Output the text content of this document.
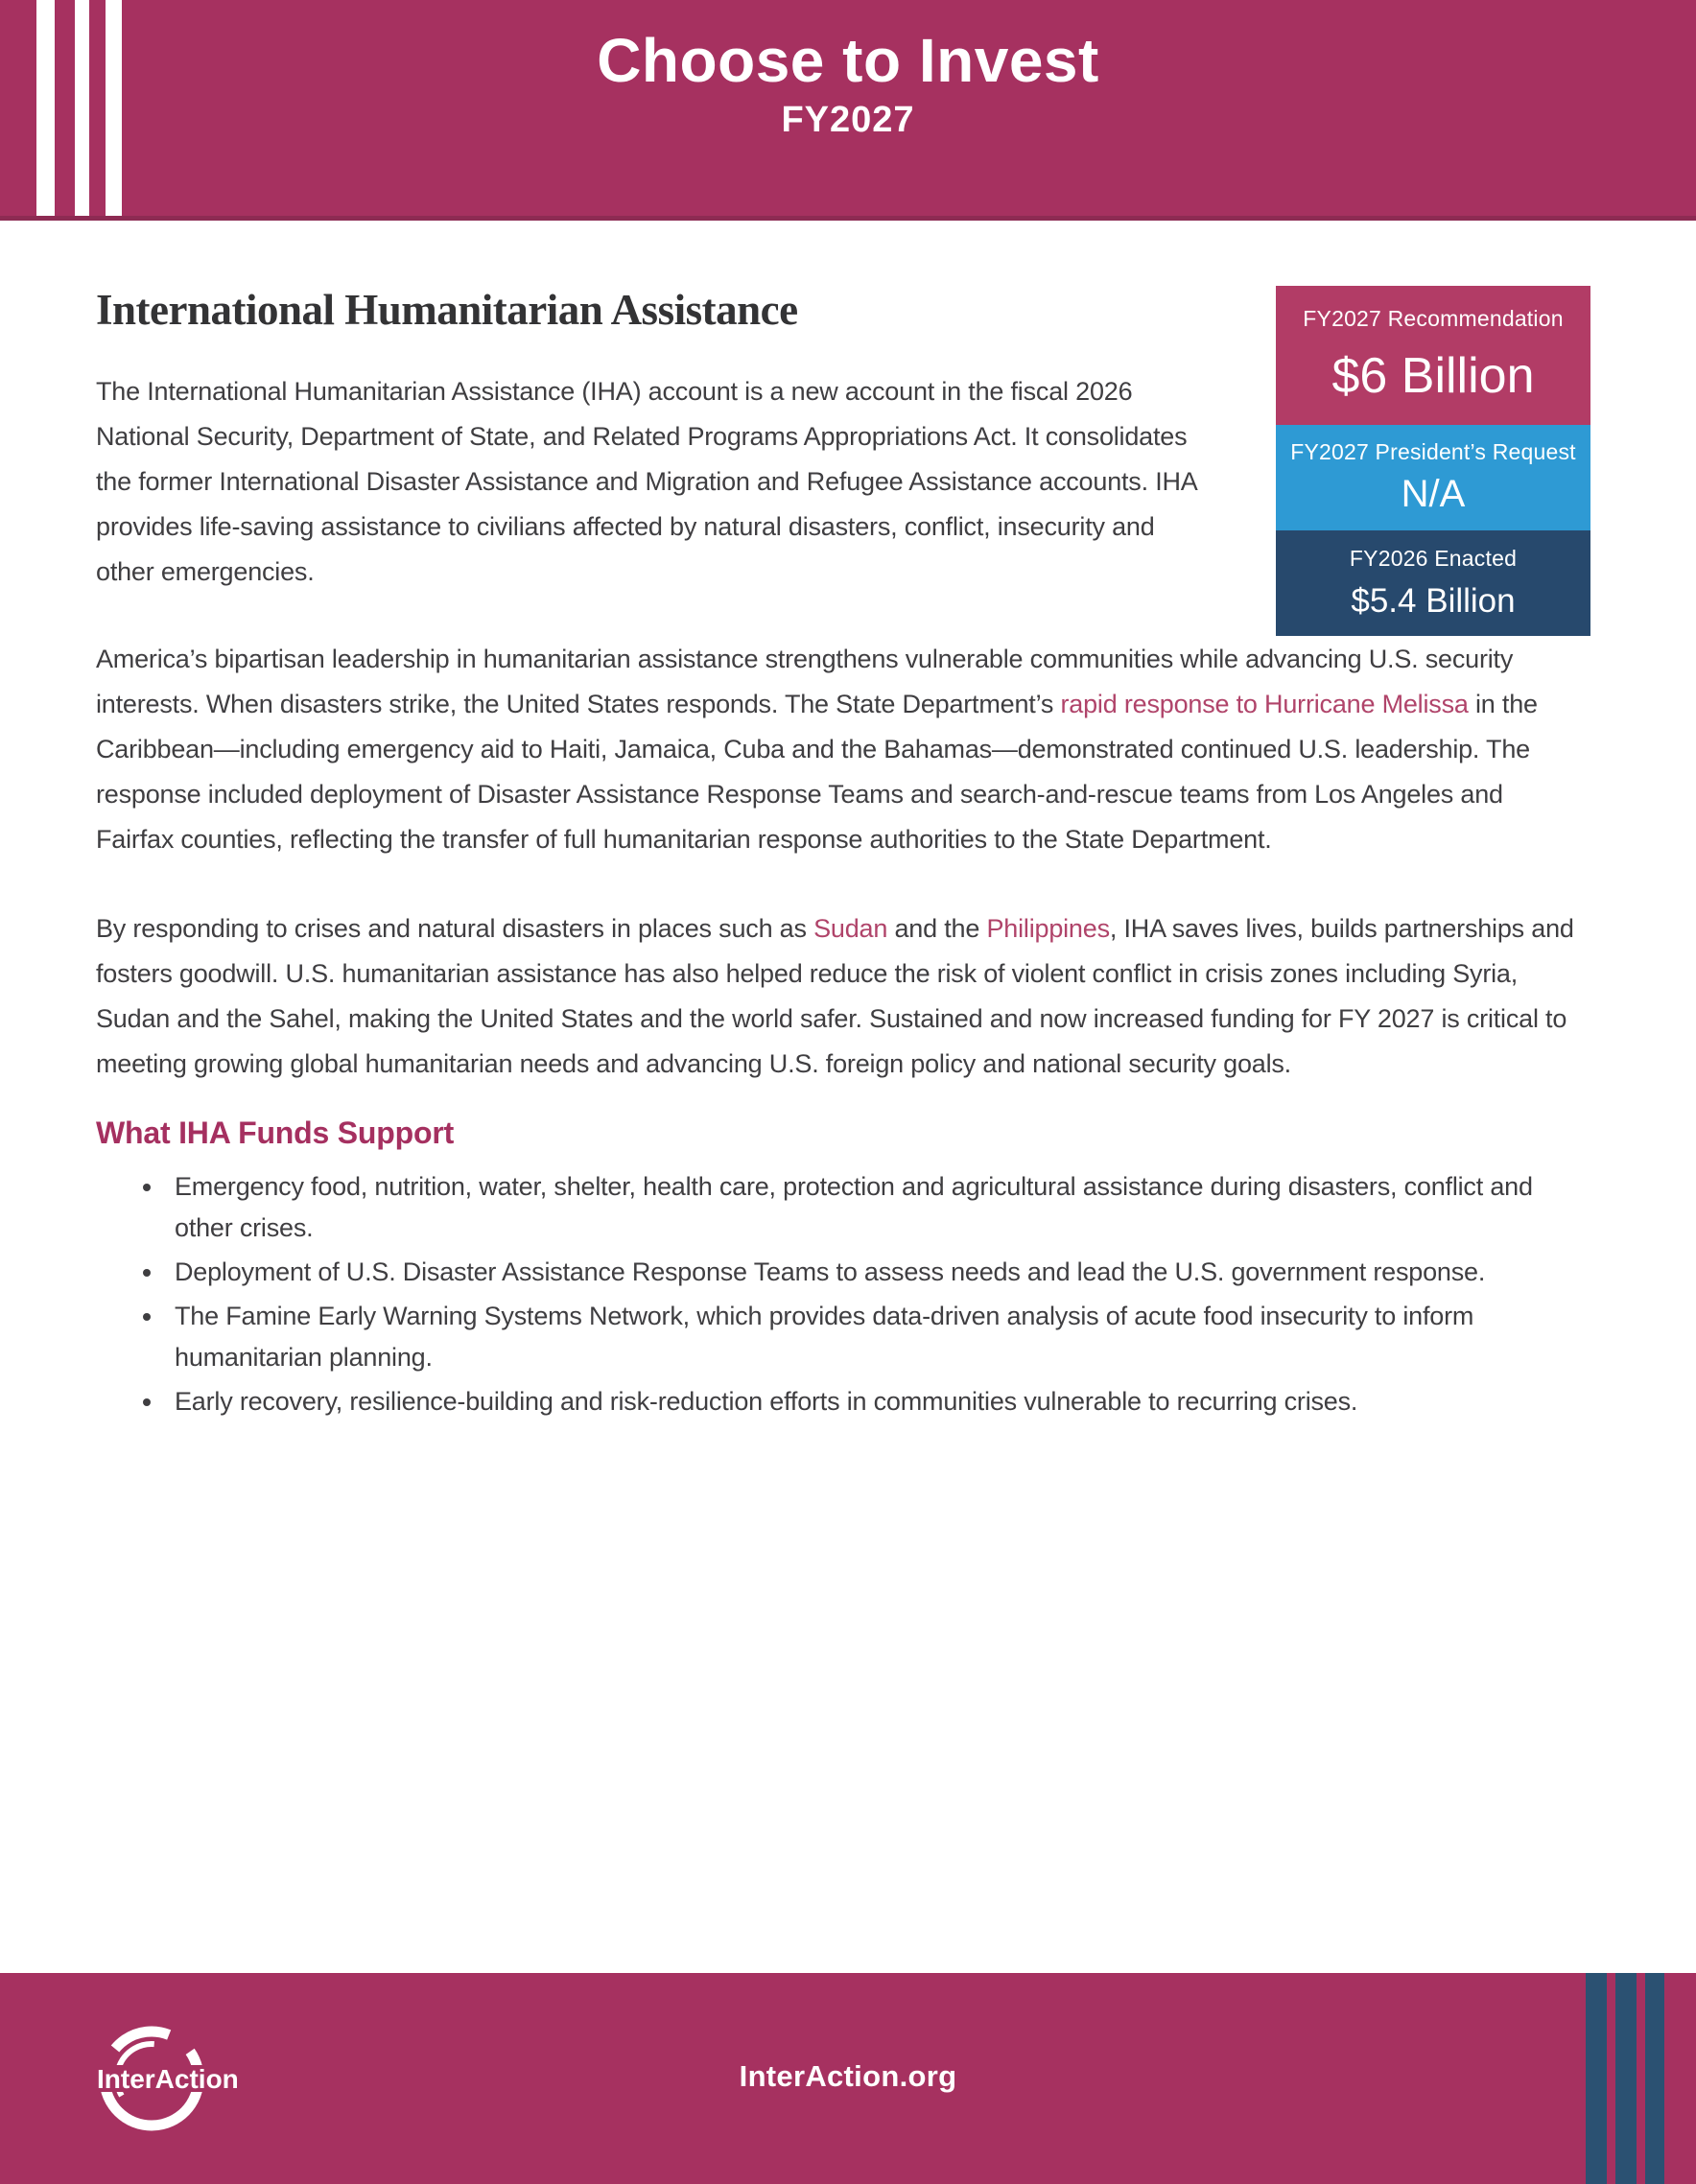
Choose to Invest
FY2027
FY2027 Recommendation
$6 Billion
FY2027 President’s Request
N/A
FY2026 Enacted
$5.4 Billion
International Humanitarian Assistance

The International Humanitarian Assistance (IHA) account is a new account in the fiscal 2026 National Security, Department of State, and Related Programs Appropriations Act. It consolidates the former International Disaster Assistance and Migration and Refugee Assistance accounts. IHA provides life-saving assistance to civilians affected by natural disasters, conflict, insecurity and other emergencies.

America’s bipartisan leadership in humanitarian assistance strengthens vulnerable communities while advancing U.S. security interests. When disasters strike, the United States responds. The State Department’s rapid response to Hurricane Melissa in the Caribbean—including emergency aid to Haiti, Jamaica, Cuba and the Bahamas—demonstrated continued U.S. leadership. The response included deployment of Disaster Assistance Response Teams and search-and-rescue teams from Los Angeles and Fairfax counties, reflecting the transfer of full humanitarian response authorities to the State Department.

By responding to crises and natural disasters in places such as Sudan and the Philippines, IHA saves lives, builds partnerships and fosters goodwill. U.S. humanitarian assistance has also helped reduce the risk of violent conflict in crisis zones including Syria, Sudan and the Sahel, making the United States and the world safer. Sustained and now increased funding for FY 2027 is critical to meeting growing global humanitarian needs and advancing U.S. foreign policy and national security goals.

What IHA Funds Support
• Emergency food, nutrition, water, shelter, health care, protection and agricultural assistance during disasters, conflict and other crises.
• Deployment of U.S. Disaster Assistance Response Teams to assess needs and lead the U.S. government response.
• The Famine Early Warning Systems Network, which provides data-driven analysis of acute food insecurity to inform humanitarian planning.
• Early recovery, resilience-building and risk-reduction efforts in communities vulnerable to recurring crises.
InterAction	InterAction.org
